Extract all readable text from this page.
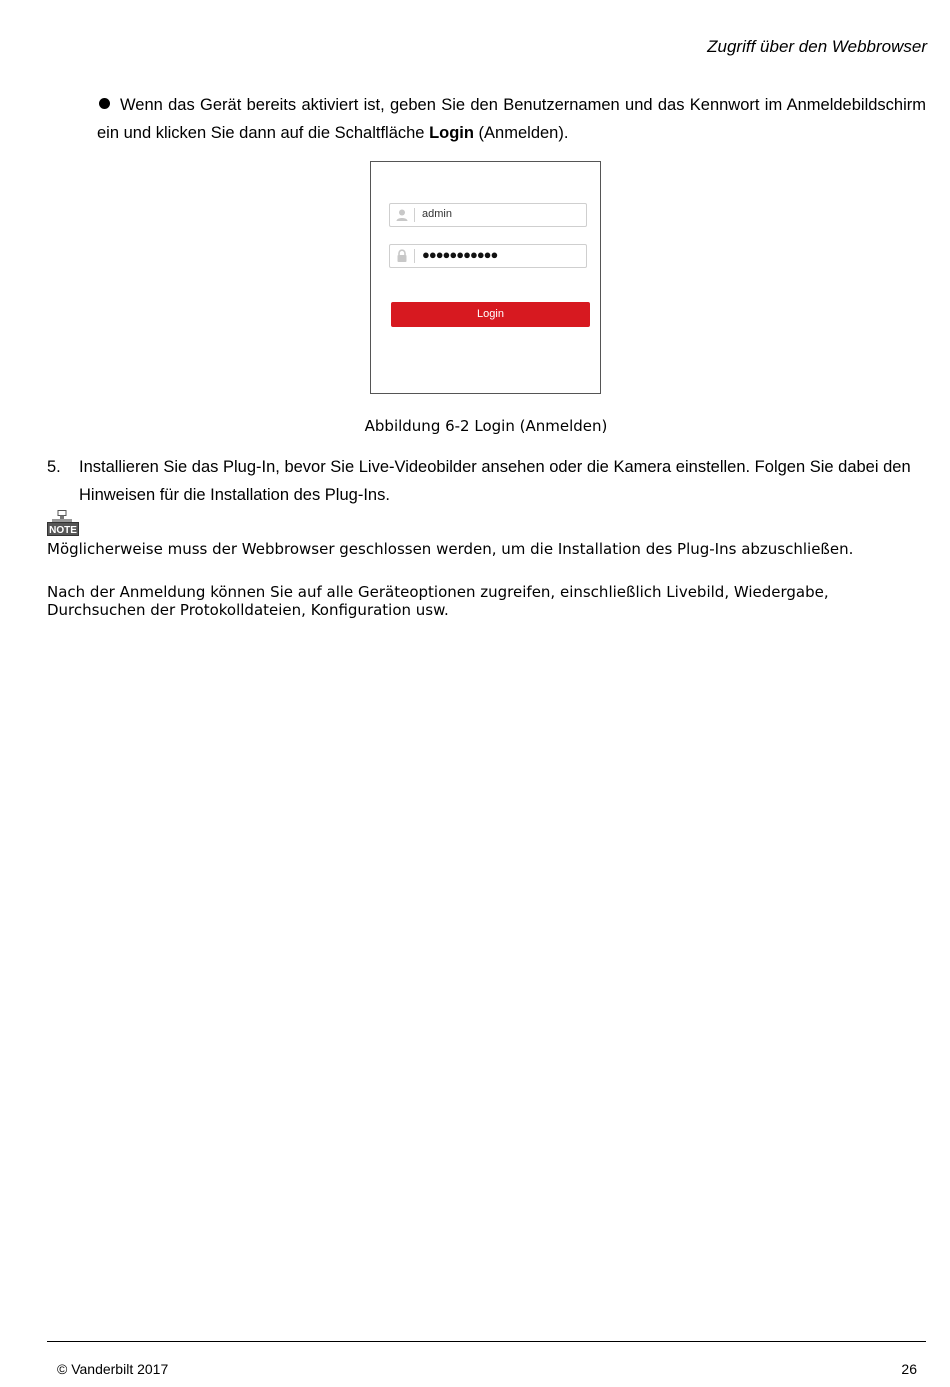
Zugriff über den Webbrowser
Wenn das Gerät bereits aktiviert ist, geben Sie den Benutzernamen und das Kennwort im Anmeldebildschirm ein und klicken Sie dann auf die Schaltfläche Login (Anmelden).
admin
●●●●●●●●●●●
Login
Abbildung 6-2 Login (Anmelden)
5. Installieren Sie das Plug-In, bevor Sie Live-Videobilder ansehen oder die Kamera einstellen. Folgen Sie dabei den Hinweisen für die Installation des Plug-Ins.
NOTE
Möglicherweise muss der Webbrowser geschlossen werden, um die Installation des Plug-Ins abzuschließen.
Nach der Anmeldung können Sie auf alle Geräteoptionen zugreifen, einschließlich Livebild, Wiedergabe, Durchsuchen der Protokolldateien, Konfiguration usw.
© Vanderbilt 2017	26
